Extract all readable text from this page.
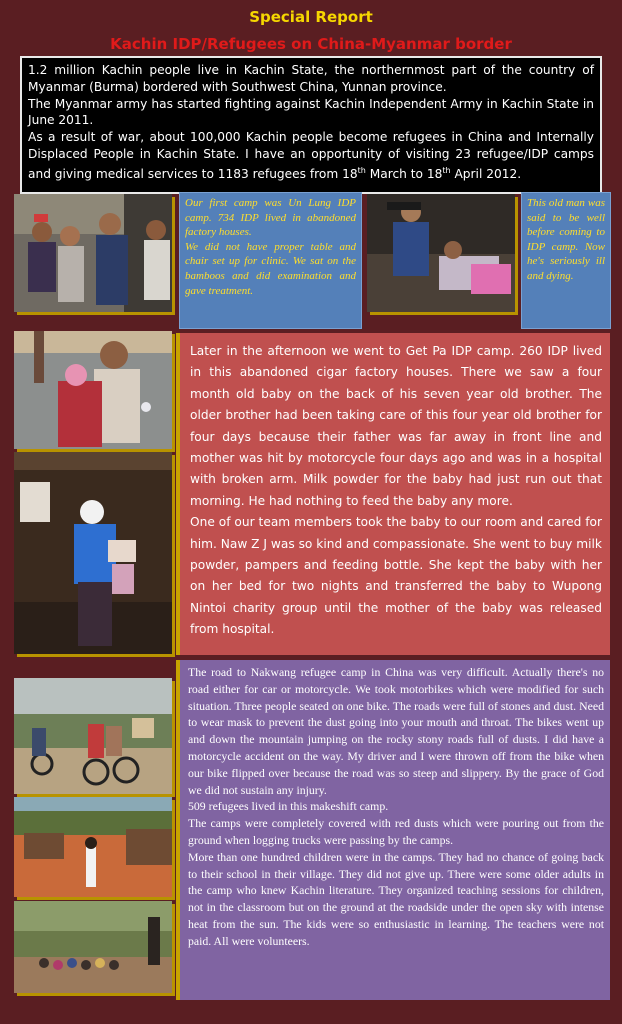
Special Report
Kachin IDP/Refugees on China-Myanmar border

1.2 million Kachin people live in Kachin State, the northernmost part of the country of Myanmar (Burma) bordered with Southwest China, Yunnan province.

The Myanmar army has started fighting against Kachin Independent Army in Kachin State in June 2011.

As a result of war, about 100,000 Kachin people become refugees in China and Internally Displaced People in Kachin State. I have an opportunity of visiting 23 refugee/IDP camps and giving medical services to 1183 refugees from 18th March to 18th April 2012.

Our first camp was Un Lung IDP camp. 734 IDP lived in abandoned factory houses.

We did not have proper table and chair set up for clinic. We sat on the bamboos and did examination and gave treatment.

This old man was said to be well before coming to IDP camp. Now he's seriously ill and dying.

Later in the afternoon we went to Get Pa IDP camp. 260 IDP lived in this abandoned cigar factory houses. There we saw a four month old baby on the back of his seven year old brother. The older brother had been taking care of this four year old brother for four days because their father was far away in front line and mother was hit by motorcycle four days ago and was in a hospital with broken arm. Milk powder for the baby had just run out that morning. He had nothing to feed the baby any more.

One of our team members took the baby to our room and cared for him. Naw Z J was so kind and compassionate. She went to buy milk powder, pampers and feeding bottle. She kept the baby with her on her bed for two nights and transferred the baby to Wupong Nintoi charity group until the mother of the baby was released from hospital.

The road to Nakwang refugee camp in China was very difficult. Actually there's no road either for car or motorcycle. We took motorbikes which were modified for such situation. Three people seated on one bike. The roads were full of stones and dust. Need to wear mask to prevent the dust going into your mouth and throat. The bikes went up and down the mountain jumping on the rocky stony roads full of dusts. I did have a motorcycle accident on the way. My driver and I were thrown off from the bike when our bike flipped over because the road was so steep and slippery. By the grace of God we did not sustain any injury.

509 refugees lived in this makeshift camp.

The camps were completely covered with red dusts which were pouring out from the ground when logging trucks were passing by the camps.

More than one hundred children were in the camps. They had no chance of going back to their school in their village. They did not give up. There were some older adults in the camp who knew Kachin literature. They organized teaching sessions for children, not in the classroom but on the ground at the roadside under the open sky with intense heat from the sun. The kids were so enthusiastic in learning. The teachers were not paid. All were volunteers.
